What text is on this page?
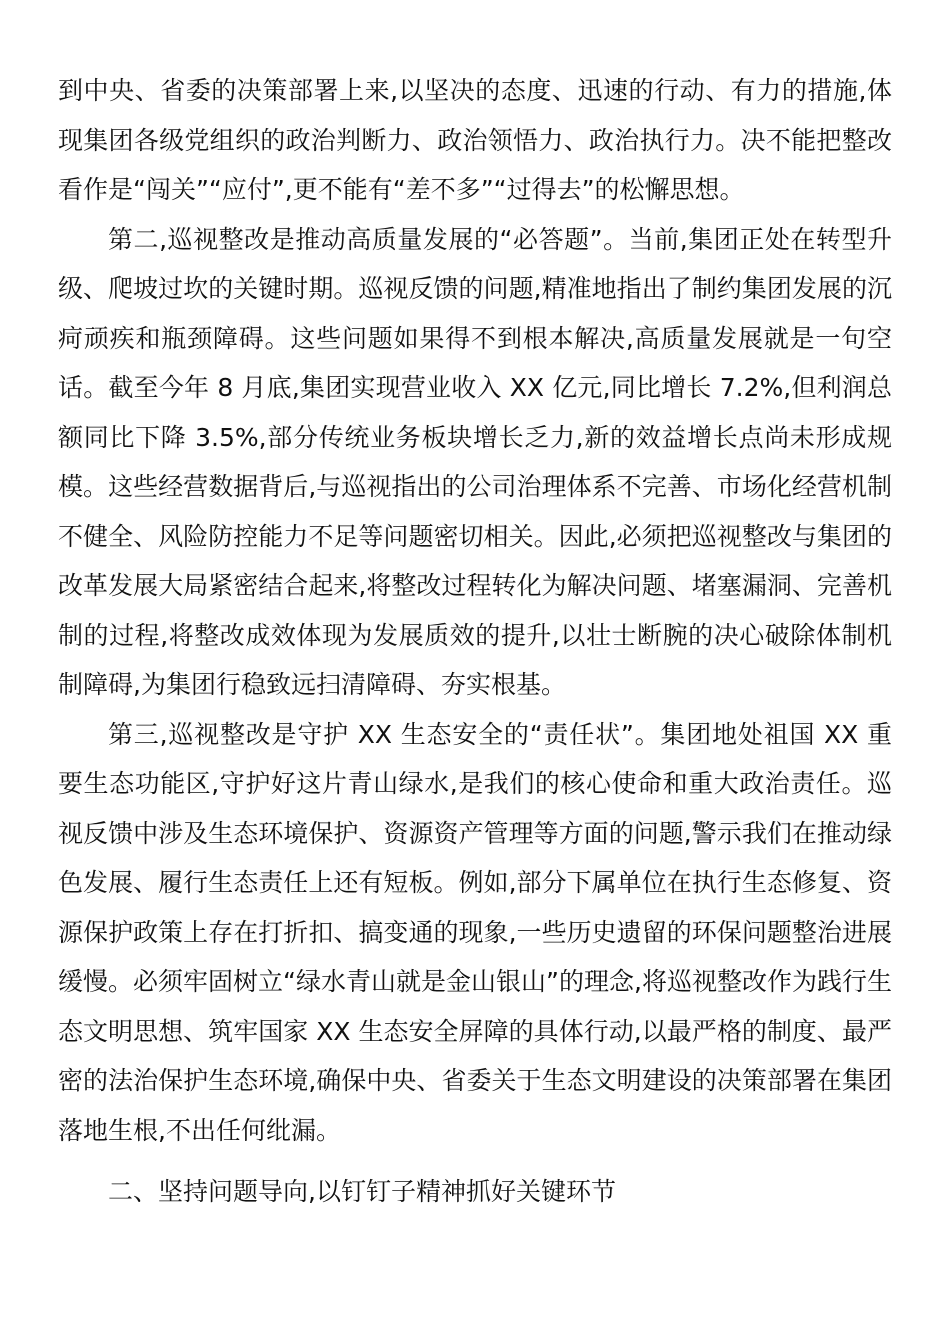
到中央、省委的决策部署上来,以坚决的态度、迅速的行动、有力的措施,体现集团各级党组织的政治判断力、政治领悟力、政治执行力。决不能把整改看作是“闯关”“应付”,更不能有“差不多”“过得去”的松懈思想。

第二,巡视整改是推动高质量发展的“必答题”。当前,集团正处在转型升级、爬坡过坎的关键时期。巡视反馈的问题,精准地指出了制约集团发展的沉疴顽疾和瓶颈障碍。这些问题如果得不到根本解决,高质量发展就是一句空话。截至今年 8 月底,集团实现营业收入 XX 亿元,同比增长 7.2%,但利润总额同比下降 3.5%,部分传统业务板块增长乏力,新的效益增长点尚未形成规模。这些经营数据背后,与巡视指出的公司治理体系不完善、市场化经营机制不健全、风险防控能力不足等问题密切相关。因此,必须把巡视整改与集团的改革发展大局紧密结合起来,将整改过程转化为解决问题、堵塞漏洞、完善机制的过程,将整改成效体现为发展质效的提升,以壮士断腕的决心破除体制机制障碍,为集团行稳致远扫清障碍、夯实根基。

第三,巡视整改是守护 XX 生态安全的“责任状”。集团地处祖国 XX 重要生态功能区,守护好这片青山绿水,是我们的核心使命和重大政治责任。巡视反馈中涉及生态环境保护、资源资产管理等方面的问题,警示我们在推动绿色发展、履行生态责任上还有短板。例如,部分下属单位在执行生态修复、资源保护政策上存在打折扣、搞变通的现象,一些历史遗留的环保问题整治进展缓慢。必须牢固树立“绿水青山就是金山银山”的理念,将巡视整改作为践行生态文明思想、筑牢国家 XX 生态安全屏障的具体行动,以最严格的制度、最严密的法治保护生态环境,确保中央、省委关于生态文明建设的决策部署在集团落地生根,不出任何纰漏。

二、坚持问题导向,以钉钉子精神抓好关键环节
